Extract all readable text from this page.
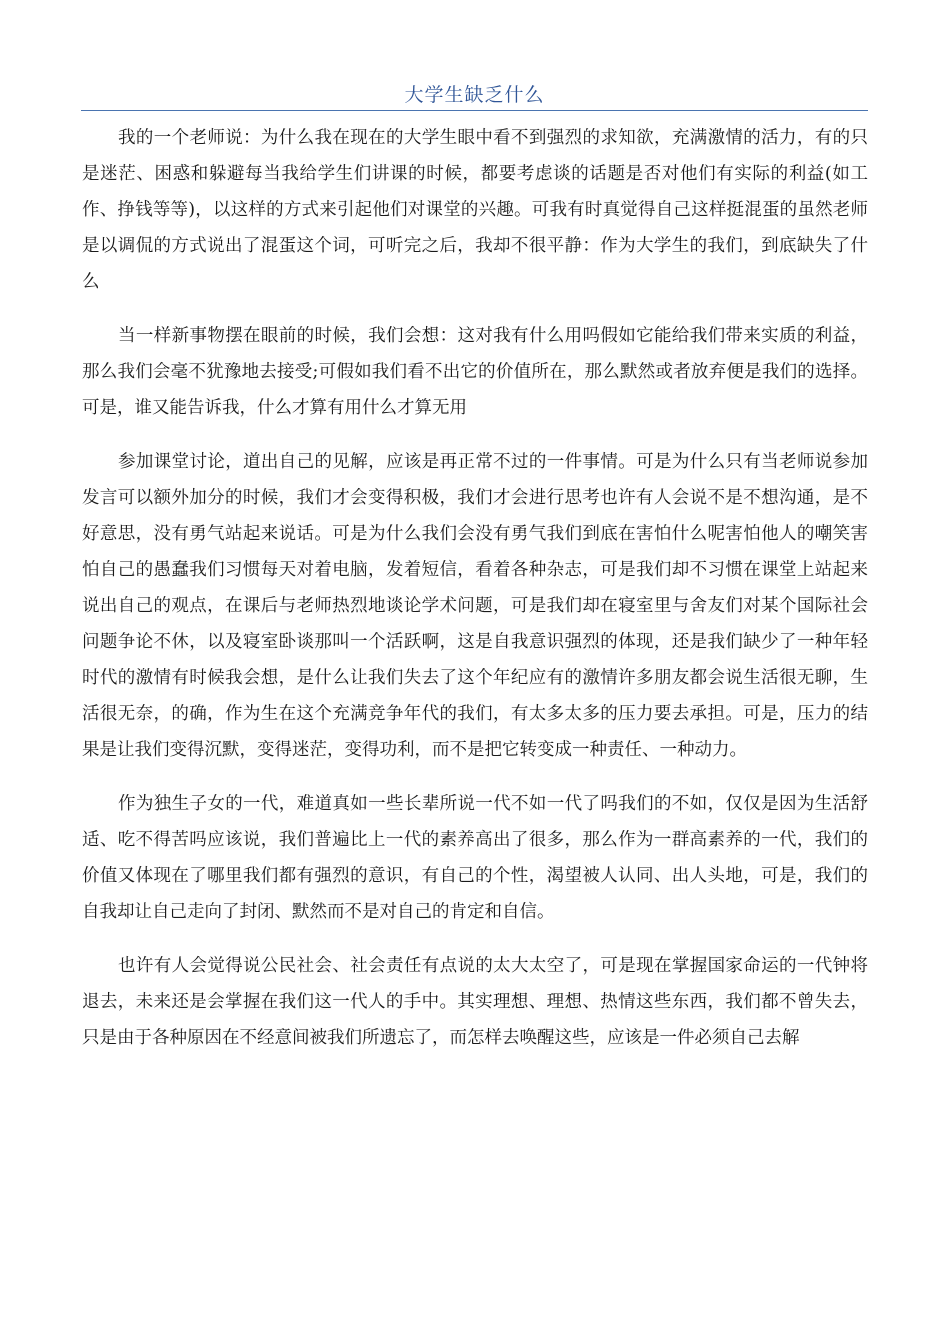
大学生缺乏什么

我的一个老师说：为什么我在现在的大学生眼中看不到强烈的求知欲，充满激情的活力，有的只是迷茫、困惑和躲避每当我给学生们讲课的时候，都要考虑谈的话题是否对他们有实际的利益(如工作、挣钱等等)，以这样的方式来引起他们对课堂的兴趣。可我有时真觉得自己这样挺混蛋的虽然老师是以调侃的方式说出了混蛋这个词，可听完之后，我却不很平静：作为大学生的我们，到底缺失了什么

当一样新事物摆在眼前的时候，我们会想：这对我有什么用吗假如它能给我们带来实质的利益，那么我们会毫不犹豫地去接受;可假如我们看不出它的价值所在，那么默然或者放弃便是我们的选择。可是，谁又能告诉我，什么才算有用什么才算无用

参加课堂讨论，道出自己的见解，应该是再正常不过的一件事情。可是为什么只有当老师说参加发言可以额外加分的时候，我们才会变得积极，我们才会进行思考也许有人会说不是不想沟通，是不好意思，没有勇气站起来说话。可是为什么我们会没有勇气我们到底在害怕什么呢害怕他人的嘲笑害怕自己的愚蠢我们习惯每天对着电脑，发着短信，看着各种杂志，可是我们却不习惯在课堂上站起来说出自己的观点，在课后与老师热烈地谈论学术问题，可是我们却在寝室里与舍友们对某个国际社会问题争论不休，以及寝室卧谈那叫一个活跃啊，这是自我意识强烈的体现，还是我们缺少了一种年轻时代的激情有时候我会想，是什么让我们失去了这个年纪应有的激情许多朋友都会说生活很无聊，生活很无奈，的确，作为生在这个充满竞争年代的我们，有太多太多的压力要去承担。可是，压力的结果是让我们变得沉默，变得迷茫，变得功利，而不是把它转变成一种责任、一种动力。

作为独生子女的一代，难道真如一些长辈所说一代不如一代了吗我们的不如，仅仅是因为生活舒适、吃不得苦吗应该说，我们普遍比上一代的素养高出了很多，那么作为一群高素养的一代，我们的价值又体现在了哪里我们都有强烈的意识，有自己的个性，渴望被人认同、出人头地，可是，我们的自我却让自己走向了封闭、默然而不是对自己的肯定和自信。

也许有人会觉得说公民社会、社会责任有点说的太大太空了，可是现在掌握国家命运的一代钟将退去，未来还是会掌握在我们这一代人的手中。其实理想、理想、热情这些东西，我们都不曾失去，只是由于各种原因在不经意间被我们所遗忘了，而怎样去唤醒这些，应该是一件必须自己去解
